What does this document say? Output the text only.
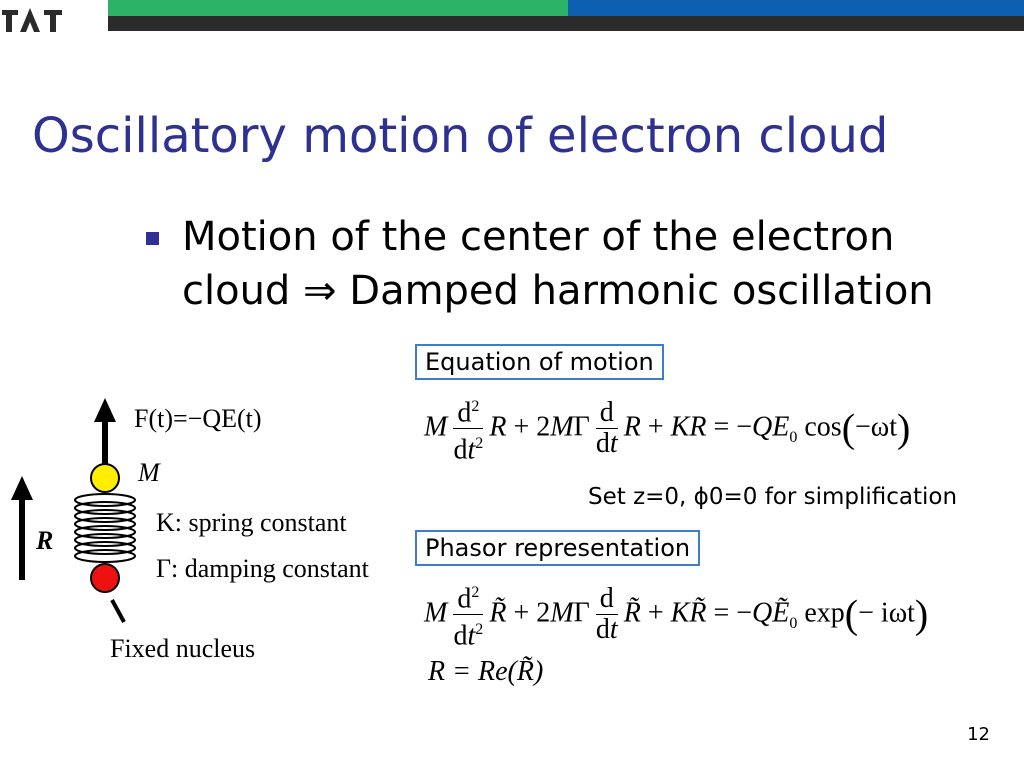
Oscillatory motion of electron cloud
Motion of the center of the electron
cloud ⇒ Damped harmonic oscillation
F(t)=−QE(t)
M
K: spring constant
Γ: damping constant
Fixed nucleus
R
Equation of motion
M $\frac{d^2}{dt^2}$ $R + 2M\Gamma \frac{d}{dt}$ R + KR = $-QE_0$ cos(−ωt)
Set z=0, ϕ0=0 for simplification
Phasor representation
M $\frac{d^2}{dt^2}$ R̃ + $2M\Gamma \frac{d}{dt}$ R̃ + KR̃ = −QẼ$_0$ exp(− iωt)
R = Re(R̃)
12
